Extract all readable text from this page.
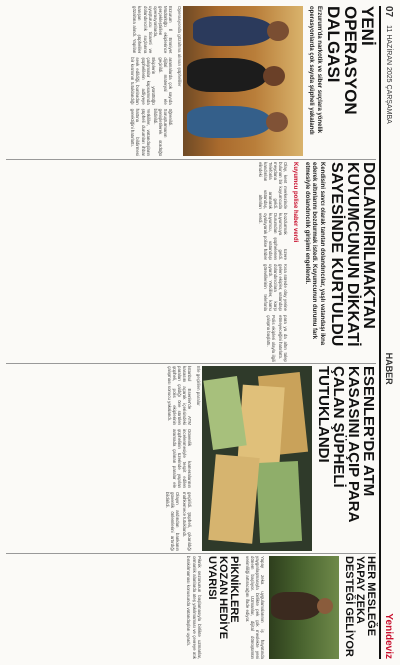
07
11 HAZİRAN 2025 ÇARŞAMBA
HABER
Yenideviz
YENİ OPERASYON DALGASI
Erzurum'da narkotik ve siber suçlara yönelik operasyonlarda çok sayıda şüpheli yakalandı
Operasyonda gözaltına alınan şüpheliler

Erzurum İl Emniyet Müdürlüğü ekiplerince gerçekleştirilen operasyonlarda, uyuşturucu ticareti ve dolandırıcılık suçlarına karışan şüpheliler gözaltına alındı. Yapılan aramalarda çok sayıda dijital materyal ele geçirildi.

Ekiplerin yürüttüğü çalışmalar kapsamında şüphelilerin adliyeye sevk edildiği, bunlardan bir kısmının tutuklandığı öğrenildi. Soruşturmanın genişletilerek sürdüğü bildirildi.

Yetkililer, vatandaşların şüpheli durumları ihbar hattına bildirmesi gerektiğini hatırlattı.

DOLANDIRILMAKTAN KUYUMCUNUN DİKKATİ SAYESİNDE KURTULDU
Kendisini savcı olarak tanıtan dolandırıcılar, yaşlı vatandaşı ikna ederek altınlarını bozdurmak istedi. Kuyumcunun durumu fark etmesiyle dolandırıcılık girişimi engellendi.
Kuyumcu polise haber verdi

Olay, kent merkezinde bulunan bir kuyumcuda meydana geldi. Telefonla aranarak kandırılan vatandaş, elindeki altınları bozdurmak üzere kuyumcuya geldi. Durumdan şüphelenen kuyumcu, vatandaşı oyalayarak polise haber verdi.

Kısa sürede olay yerine gelen ekipler, vatandaşı dolandırıcılara karşı uyardı. Yetkililer, kamu görevlilerinin telefonla para ya da altın talep etmeyeceğini hatırlattı.

Polis ekipleri olayla ilgili çalışma başlattı.

ESENLER'DE ATM KASASINI AÇIP PARA ÇALAN ŞÜPHELİ TUTUKLANDI
Ele geçirilen paralar

İstanbul Esenler'de ATM kasasını açarak içerisindeki paraları çaldığı öne sürülen şüpheli, polis ekiplerinin çalışması sonucu yakalandı.

Güvenlik kameralarının incelenmesiyle tespit edilen şüphelinin üzerinde yapılan aramada çalınan paralar ele geçirildi. Şüpheli, çıkarıldığı mahkemece tutuklandı.

Olayın ardından bankanın güvenlik önlemlerini artırdığı bildirildi.

HER MESLEĞE YAPAY ZEKA DESTEĞİ GELİYOR

Yapay zeka uygulamalarının iş hayatında yaygınlaşmasıyla birlikte pek çok meslekte yeni dönem başlıyor. Uzmanlar, dijital dönüşümün verimliliği artıracağını ifade ediyor.

PİKNİKLERE KOZAN HEDİYE UYARISI

Piknik sezonunun başlamasıyla birlikte uzmanlar, ormanlık alanlarda ateş yakılmaması ve çevreye atık bırakılmaması konusunda vatandaşları uyardı.
